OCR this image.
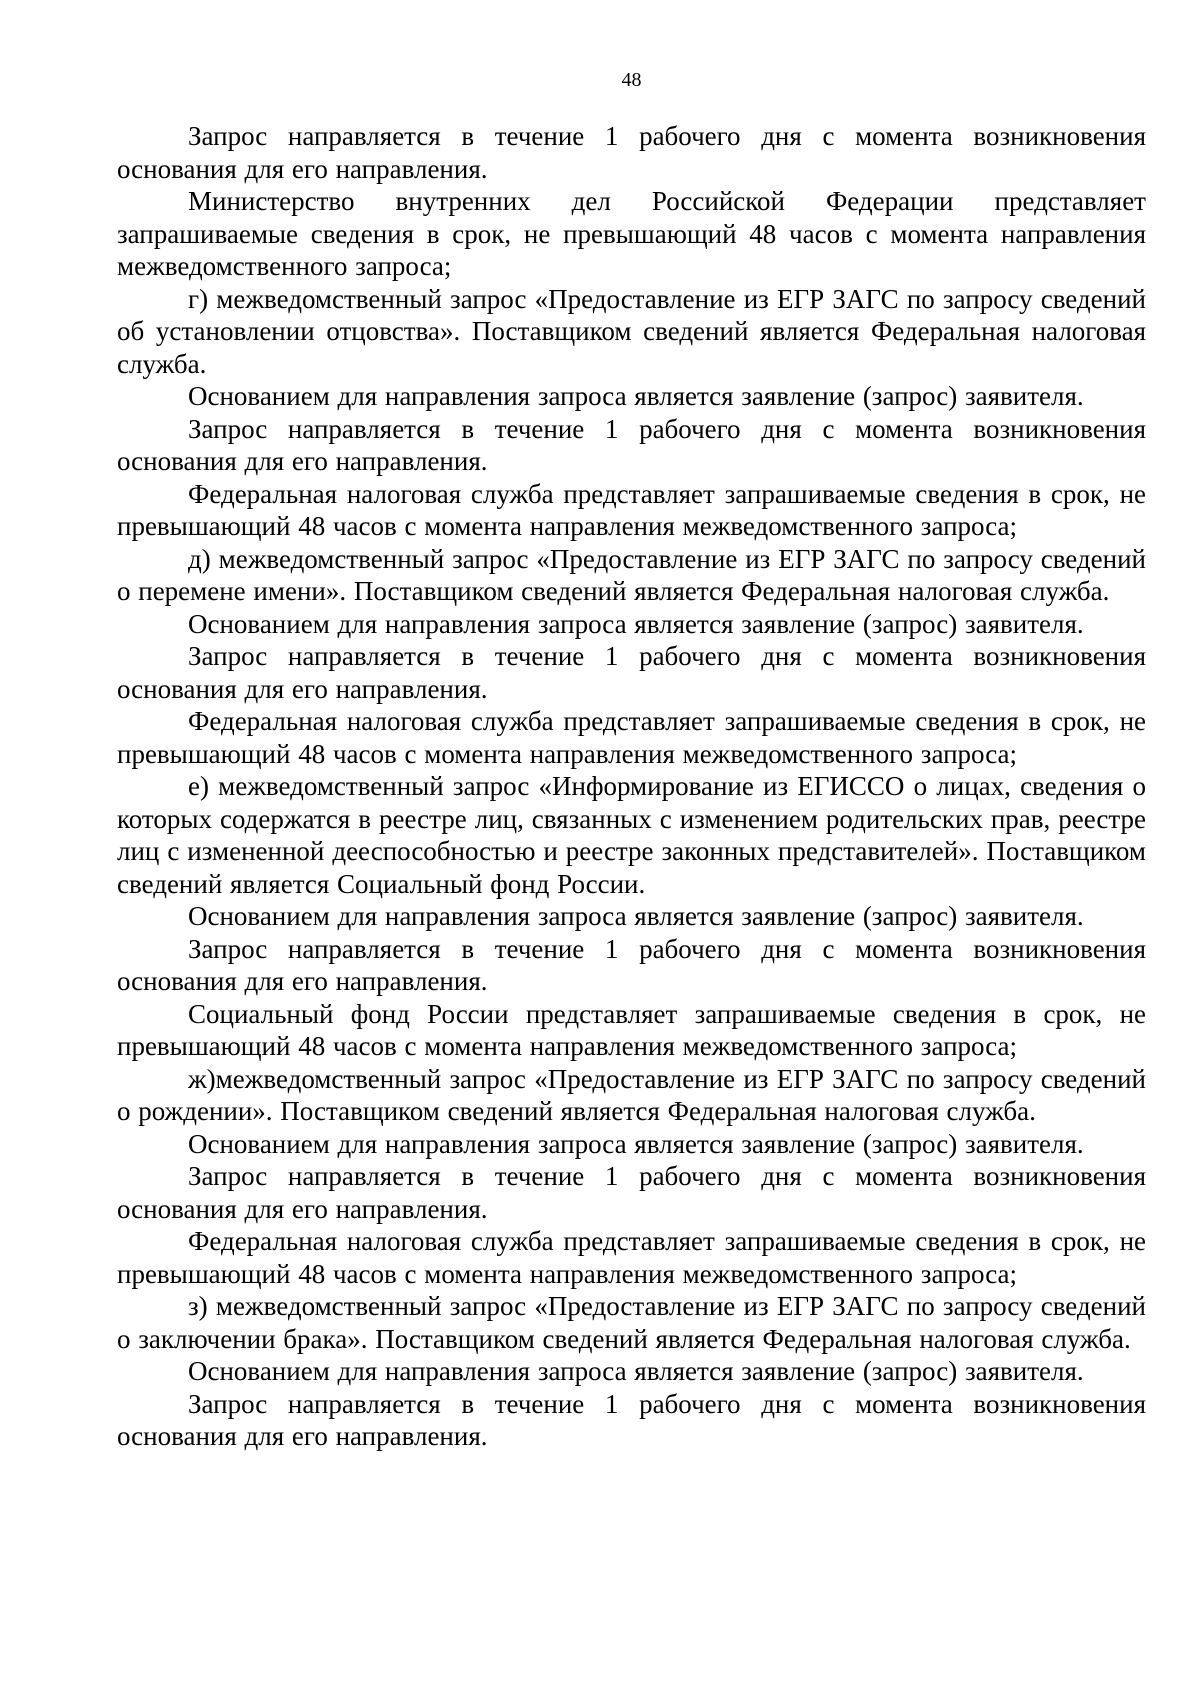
48

Запрос направляется в течение 1 рабочего дня с момента возникновения основания для его направления.

Министерство внутренних дел Российской Федерации представляет запрашиваемые сведения в срок, не превышающий 48 часов с момента направления межведомственного запроса;

г) межведомственный запрос «Предоставление из ЕГР ЗАГС по запросу сведений об установлении отцовства». Поставщиком сведений является Федеральная налоговая служба.

Основанием для направления запроса является заявление (запрос) заявителя.

Запрос направляется в течение 1 рабочего дня с момента возникновения основания для его направления.

Федеральная налоговая служба представляет запрашиваемые сведения в срок, не превышающий 48 часов с момента направления межведомственного запроса;

д) межведомственный запрос «Предоставление из ЕГР ЗАГС по запросу сведений о перемене имени». Поставщиком сведений является Федеральная налоговая служба.

Основанием для направления запроса является заявление (запрос) заявителя.

Запрос направляется в течение 1 рабочего дня с момента возникновения основания для его направления.

Федеральная налоговая служба представляет запрашиваемые сведения в срок, не превышающий 48 часов с момента направления межведомственного запроса;

е) межведомственный запрос «Информирование из ЕГИССО о лицах, сведения о которых содержатся в реестре лиц, связанных с изменением родительских прав, реестре лиц с измененной дееспособностью и реестре законных представителей». Поставщиком сведений является Социальный фонд России.

Основанием для направления запроса является заявление (запрос) заявителя.

Запрос направляется в течение 1 рабочего дня с момента возникновения основания для его направления.

Социальный фонд России представляет запрашиваемые сведения в срок, не превышающий 48 часов с момента направления межведомственного запроса;

ж)межведомственный запрос «Предоставление из ЕГР ЗАГС по запросу сведений о рождении». Поставщиком сведений является Федеральная налоговая служба.

Основанием для направления запроса является заявление (запрос) заявителя.

Запрос направляется в течение 1 рабочего дня с момента возникновения основания для его направления.

Федеральная налоговая служба представляет запрашиваемые сведения в срок, не превышающий 48 часов с момента направления межведомственного запроса;

з) межведомственный запрос «Предоставление из ЕГР ЗАГС по запросу сведений о заключении брака». Поставщиком сведений является Федеральная налоговая служба.

Основанием для направления запроса является заявление (запрос) заявителя.

Запрос направляется в течение 1 рабочего дня с момента возникновения основания для его направления.
